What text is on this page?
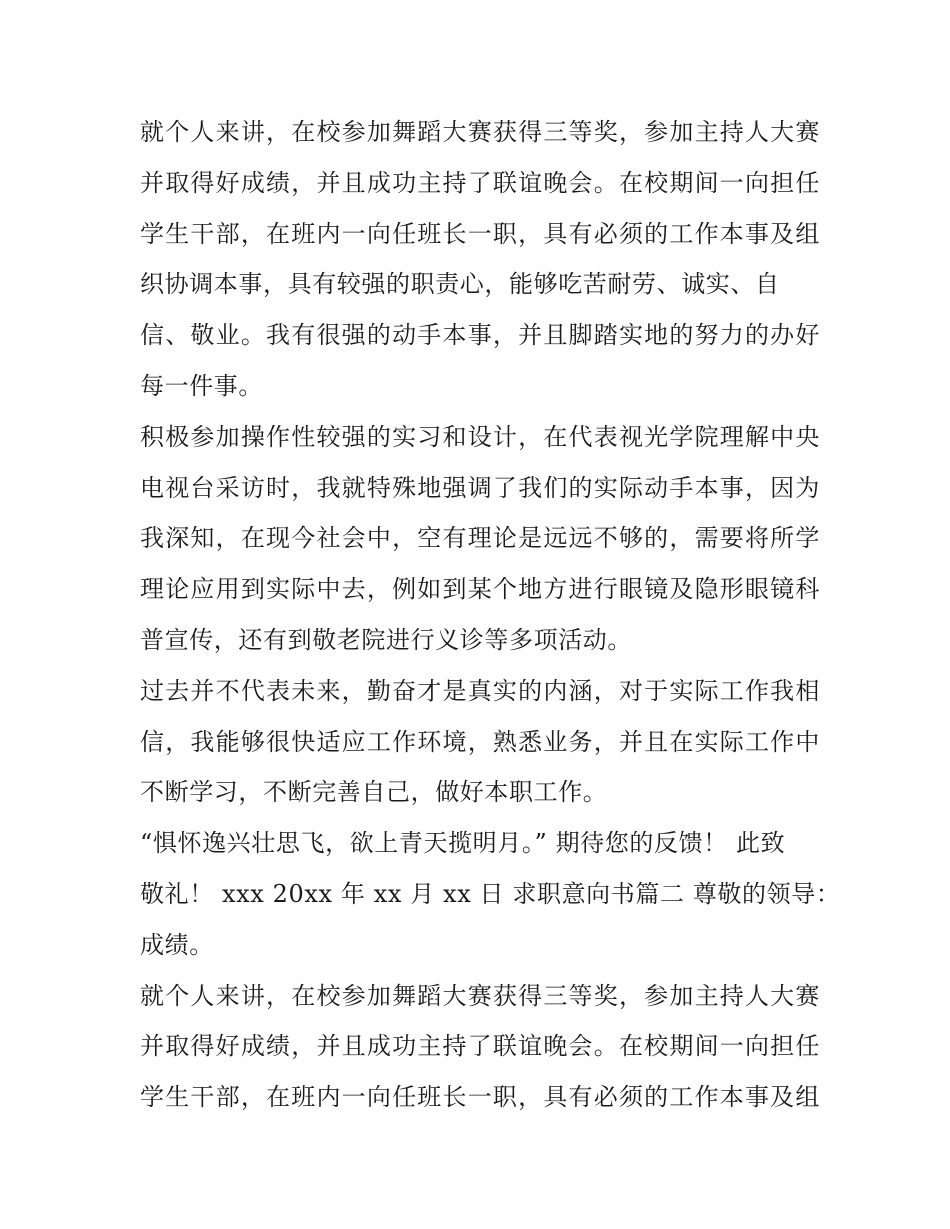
就个人来讲，在校参加舞蹈大赛获得三等奖，参加主持人大赛
并取得好成绩，并且成功主持了联谊晚会。在校期间一向担任
学生干部，在班内一向任班长一职，具有必须的工作本事及组
织协调本事，具有较强的职责心，能够吃苦耐劳、诚实、自
信、敬业。我有很强的动手本事，并且脚踏实地的努力的办好
每一件事。
积极参加操作性较强的实习和设计，在代表视光学院理解中央
电视台采访时，我就特殊地强调了我们的实际动手本事，因为
我深知，在现今社会中，空有理论是远远不够的，需要将所学
理论应用到实际中去，例如到某个地方进行眼镜及隐形眼镜科
普宣传，还有到敬老院进行义诊等多项活动。
过去并不代表未来，勤奋才是真实的内涵，对于实际工作我相
信，我能够很快适应工作环境，熟悉业务，并且在实际工作中
不断学习，不断完善自己，做好本职工作。
“惧怀逸兴壮思飞，欲上青天揽明月。” 期待您的反馈！ 此致
敬礼！ xxx 20xx 年 xx 月 xx 日 求职意向书篇二 尊敬的领导：
成绩。
就个人来讲，在校参加舞蹈大赛获得三等奖，参加主持人大赛
并取得好成绩，并且成功主持了联谊晚会。在校期间一向担任
学生干部，在班内一向任班长一职，具有必须的工作本事及组
